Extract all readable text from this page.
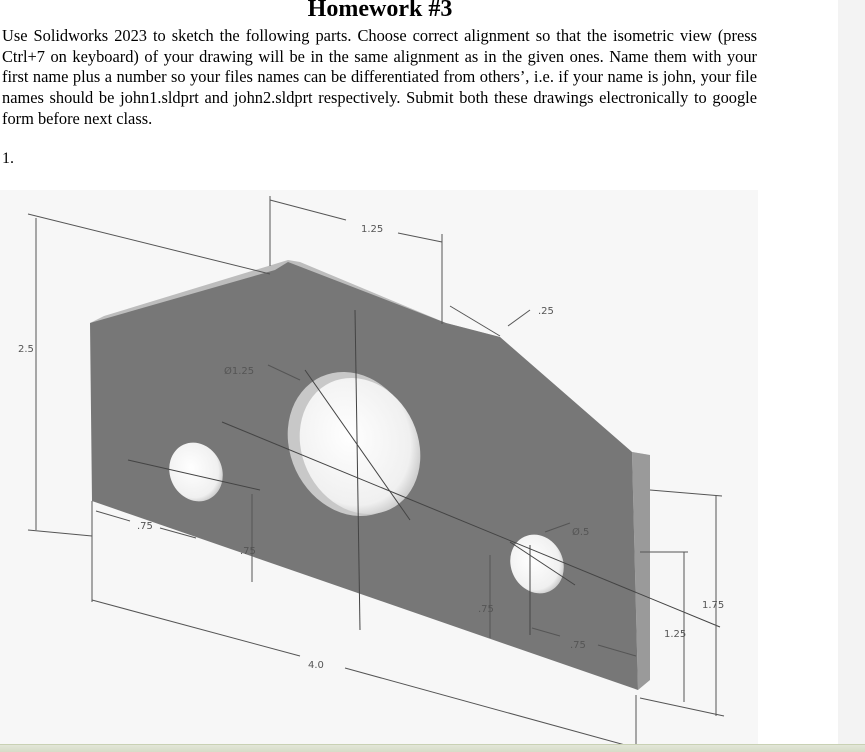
Homework #3

Use Solidworks 2023 to sketch the following parts. Choose correct alignment so that the isometric view (press Ctrl+7 on keyboard) of your drawing will be in the same alignment as in the given ones. Name them with your first name plus a number so your files names can be differentiated from others’, i.e. if your name is john, your file names should be john1.sldprt and john2.sldprt respectively. Submit both these drawings electronically to google form before next class.

1.
1.25
.25
2.5
Ø1.25
Ø.5
.75
.75
.75
.75
4.0
1.25
1.75
